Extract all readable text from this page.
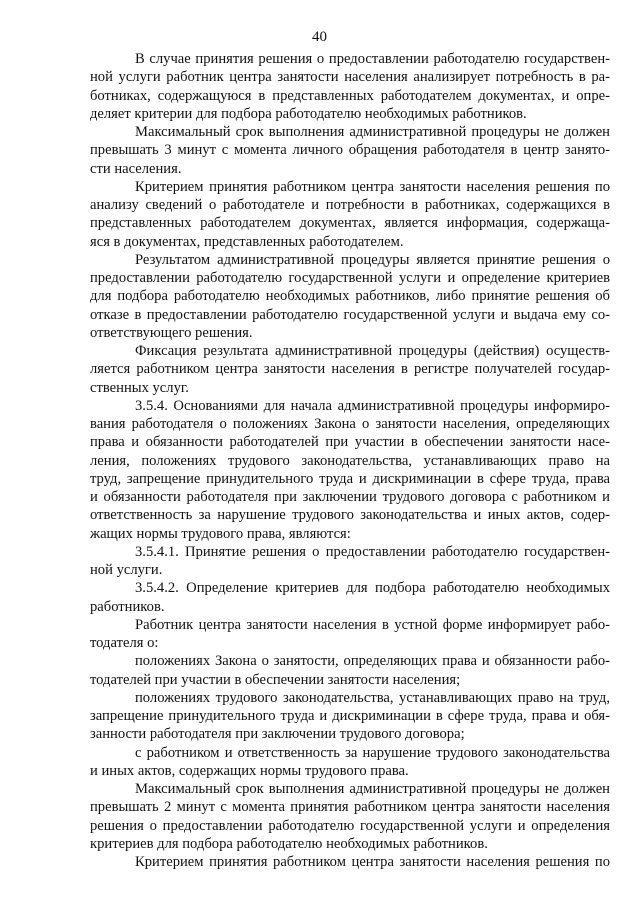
40
В случае принятия решения о предоставлении работодателю государствен-
ной услуги работник центра занятости населения анализирует потребность в ра-
ботниках, содержащуюся в представленных работодателем документах, и опре-
деляет критерии для подбора работодателю необходимых работников.
Максимальный срок выполнения административной процедуры не должен
превышать 3 минут с момента личного обращения работодателя в центр занято-
сти населения.
Критерием принятия работником центра занятости населения решения по
анализу сведений о работодателе и потребности в работниках, содержащихся в
представленных работодателем документах, является информация, содержаща-
яся в документах, представленных работодателем.
Результатом административной процедуры является принятие решения о
предоставлении работодателю государственной услуги и определение критериев
для подбора работодателю необходимых работников, либо принятие решения об
отказе в предоставлении работодателю государственной услуги и выдача ему со-
ответствующего решения.
Фиксация результата административной процедуры (действия) осуществ-
ляется работником центра занятости населения в регистре получателей государ-
ственных услуг.
3.5.4. Основаниями для начала административной процедуры информиро-
вания работодателя о положениях Закона о занятости населения, определяющих
права и обязанности работодателей при участии в обеспечении занятости насе-
ления, положениях трудового законодательства, устанавливающих право на
труд, запрещение принудительного труда и дискриминации в сфере труда, права
и обязанности работодателя при заключении трудового договора с работником и
ответственность за нарушение трудового законодательства и иных актов, содер-
жащих нормы трудового права, являются:
3.5.4.1. Принятие решения о предоставлении работодателю государствен-
ной услуги.
3.5.4.2. Определение критериев для подбора работодателю необходимых
работников.
Работник центра занятости населения в устной форме информирует рабо-
тодателя о:
положениях Закона о занятости, определяющих права и обязанности рабо-
тодателей при участии в обеспечении занятости населения;
положениях трудового законодательства, устанавливающих право на труд,
запрещение принудительного труда и дискриминации в сфере труда, права и обя-
занности работодателя при заключении трудового договора;
с работником и ответственность за нарушение трудового законодательства
и иных актов, содержащих нормы трудового права.
Максимальный срок выполнения административной процедуры не должен
превышать 2 минут с момента принятия работником центра занятости населения
решения о предоставлении работодателю государственной услуги и определения
критериев для подбора работодателю необходимых работников.
Критерием принятия работником центра занятости населения решения по
